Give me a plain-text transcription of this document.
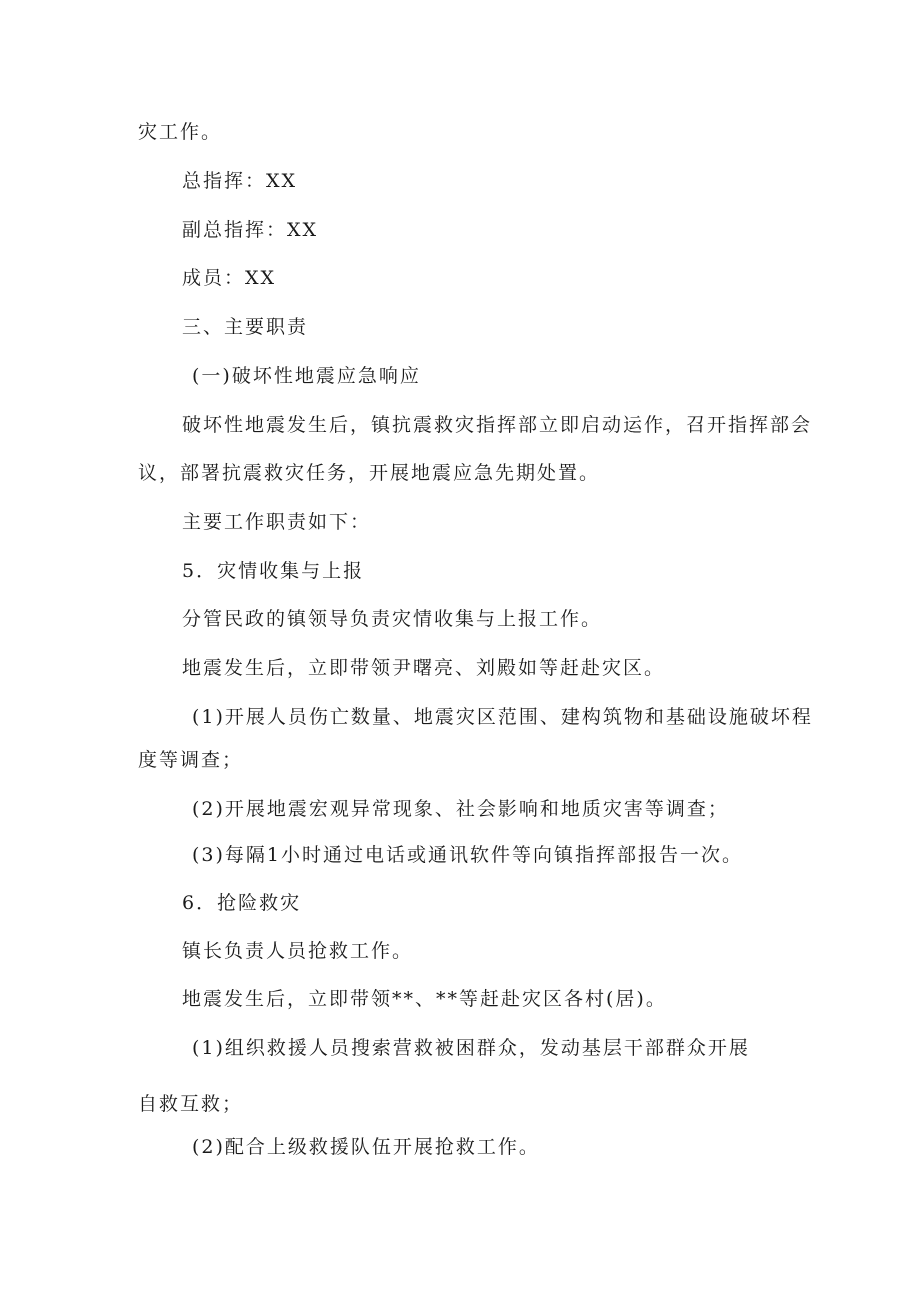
灾工作。
总指挥：XX
副总指挥：XX
成员：XX
三、主要职责
(一)破坏性地震应急响应
破坏性地震发生后，镇抗震救灾指挥部立即启动运作，召开指挥部会
议，部署抗震救灾任务，开展地震应急先期处置。
主要工作职责如下：
5．灾情收集与上报
分管民政的镇领导负责灾情收集与上报工作。
地震发生后，立即带领尹曙亮、刘殿如等赶赴灾区。
(1)开展人员伤亡数量、地震灾区范围、建构筑物和基础设施破坏程
度等调查；
(2)开展地震宏观异常现象、社会影响和地质灾害等调查；
(3)每隔1小时通过电话或通讯软件等向镇指挥部报告一次。
6．抢险救灾
镇长负责人员抢救工作。
地震发生后，立即带领**、**等赶赴灾区各村(居)。
(1)组织救援人员搜索营救被困群众，发动基层干部群众开展
自救互救；
(2)配合上级救援队伍开展抢救工作。
